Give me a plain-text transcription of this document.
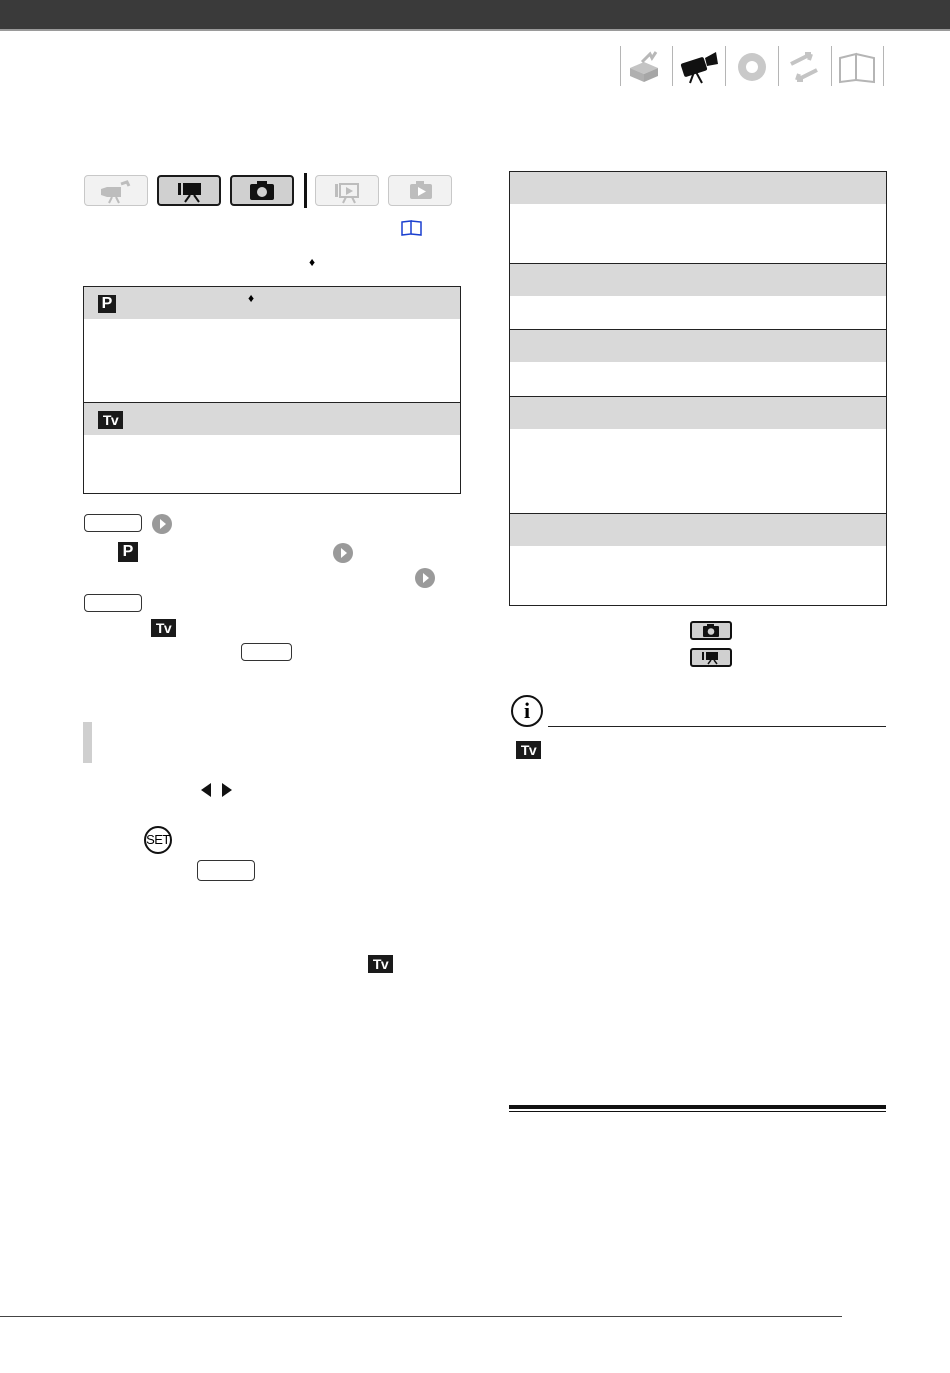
♦
P	♦
Tv
P
Tv
SET
Tv
i
Tv
